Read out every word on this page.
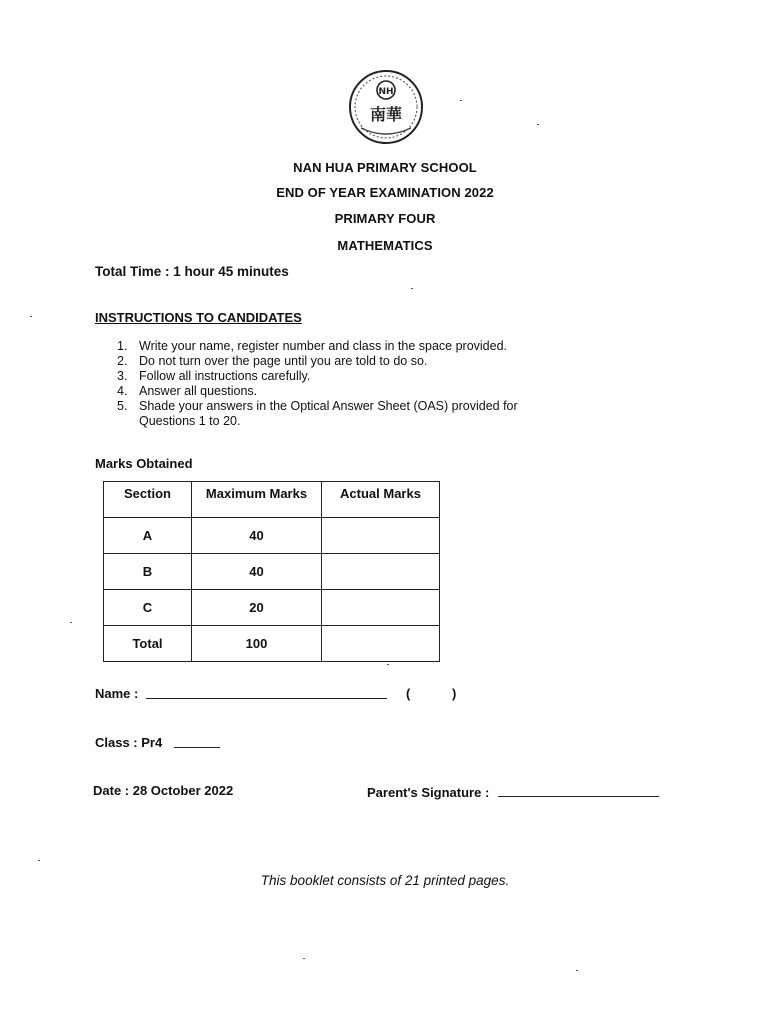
NH
南華
NAN HUA PRIMARY SCHOOL
END OF YEAR EXAMINATION 2022
PRIMARY FOUR
MATHEMATICS
Total Time : 1 hour 45 minutes
INSTRUCTIONS TO CANDIDATES
1. Write your name, register number and class in the space provided.
2. Do not turn over the page until you are told to do so.
3. Follow all instructions carefully.
4. Answer all questions.
5. Shade your answers in the Optical Answer Sheet (OAS) provided for Questions 1 to 20.
Marks Obtained
Section	Maximum Marks	Actual Marks
A	40	
B	40	
C	20	
Total	100	
Name :	(	)
Class : Pr4
Date : 28 October 2022	Parent's Signature :
This booklet consists of 21 printed pages.
